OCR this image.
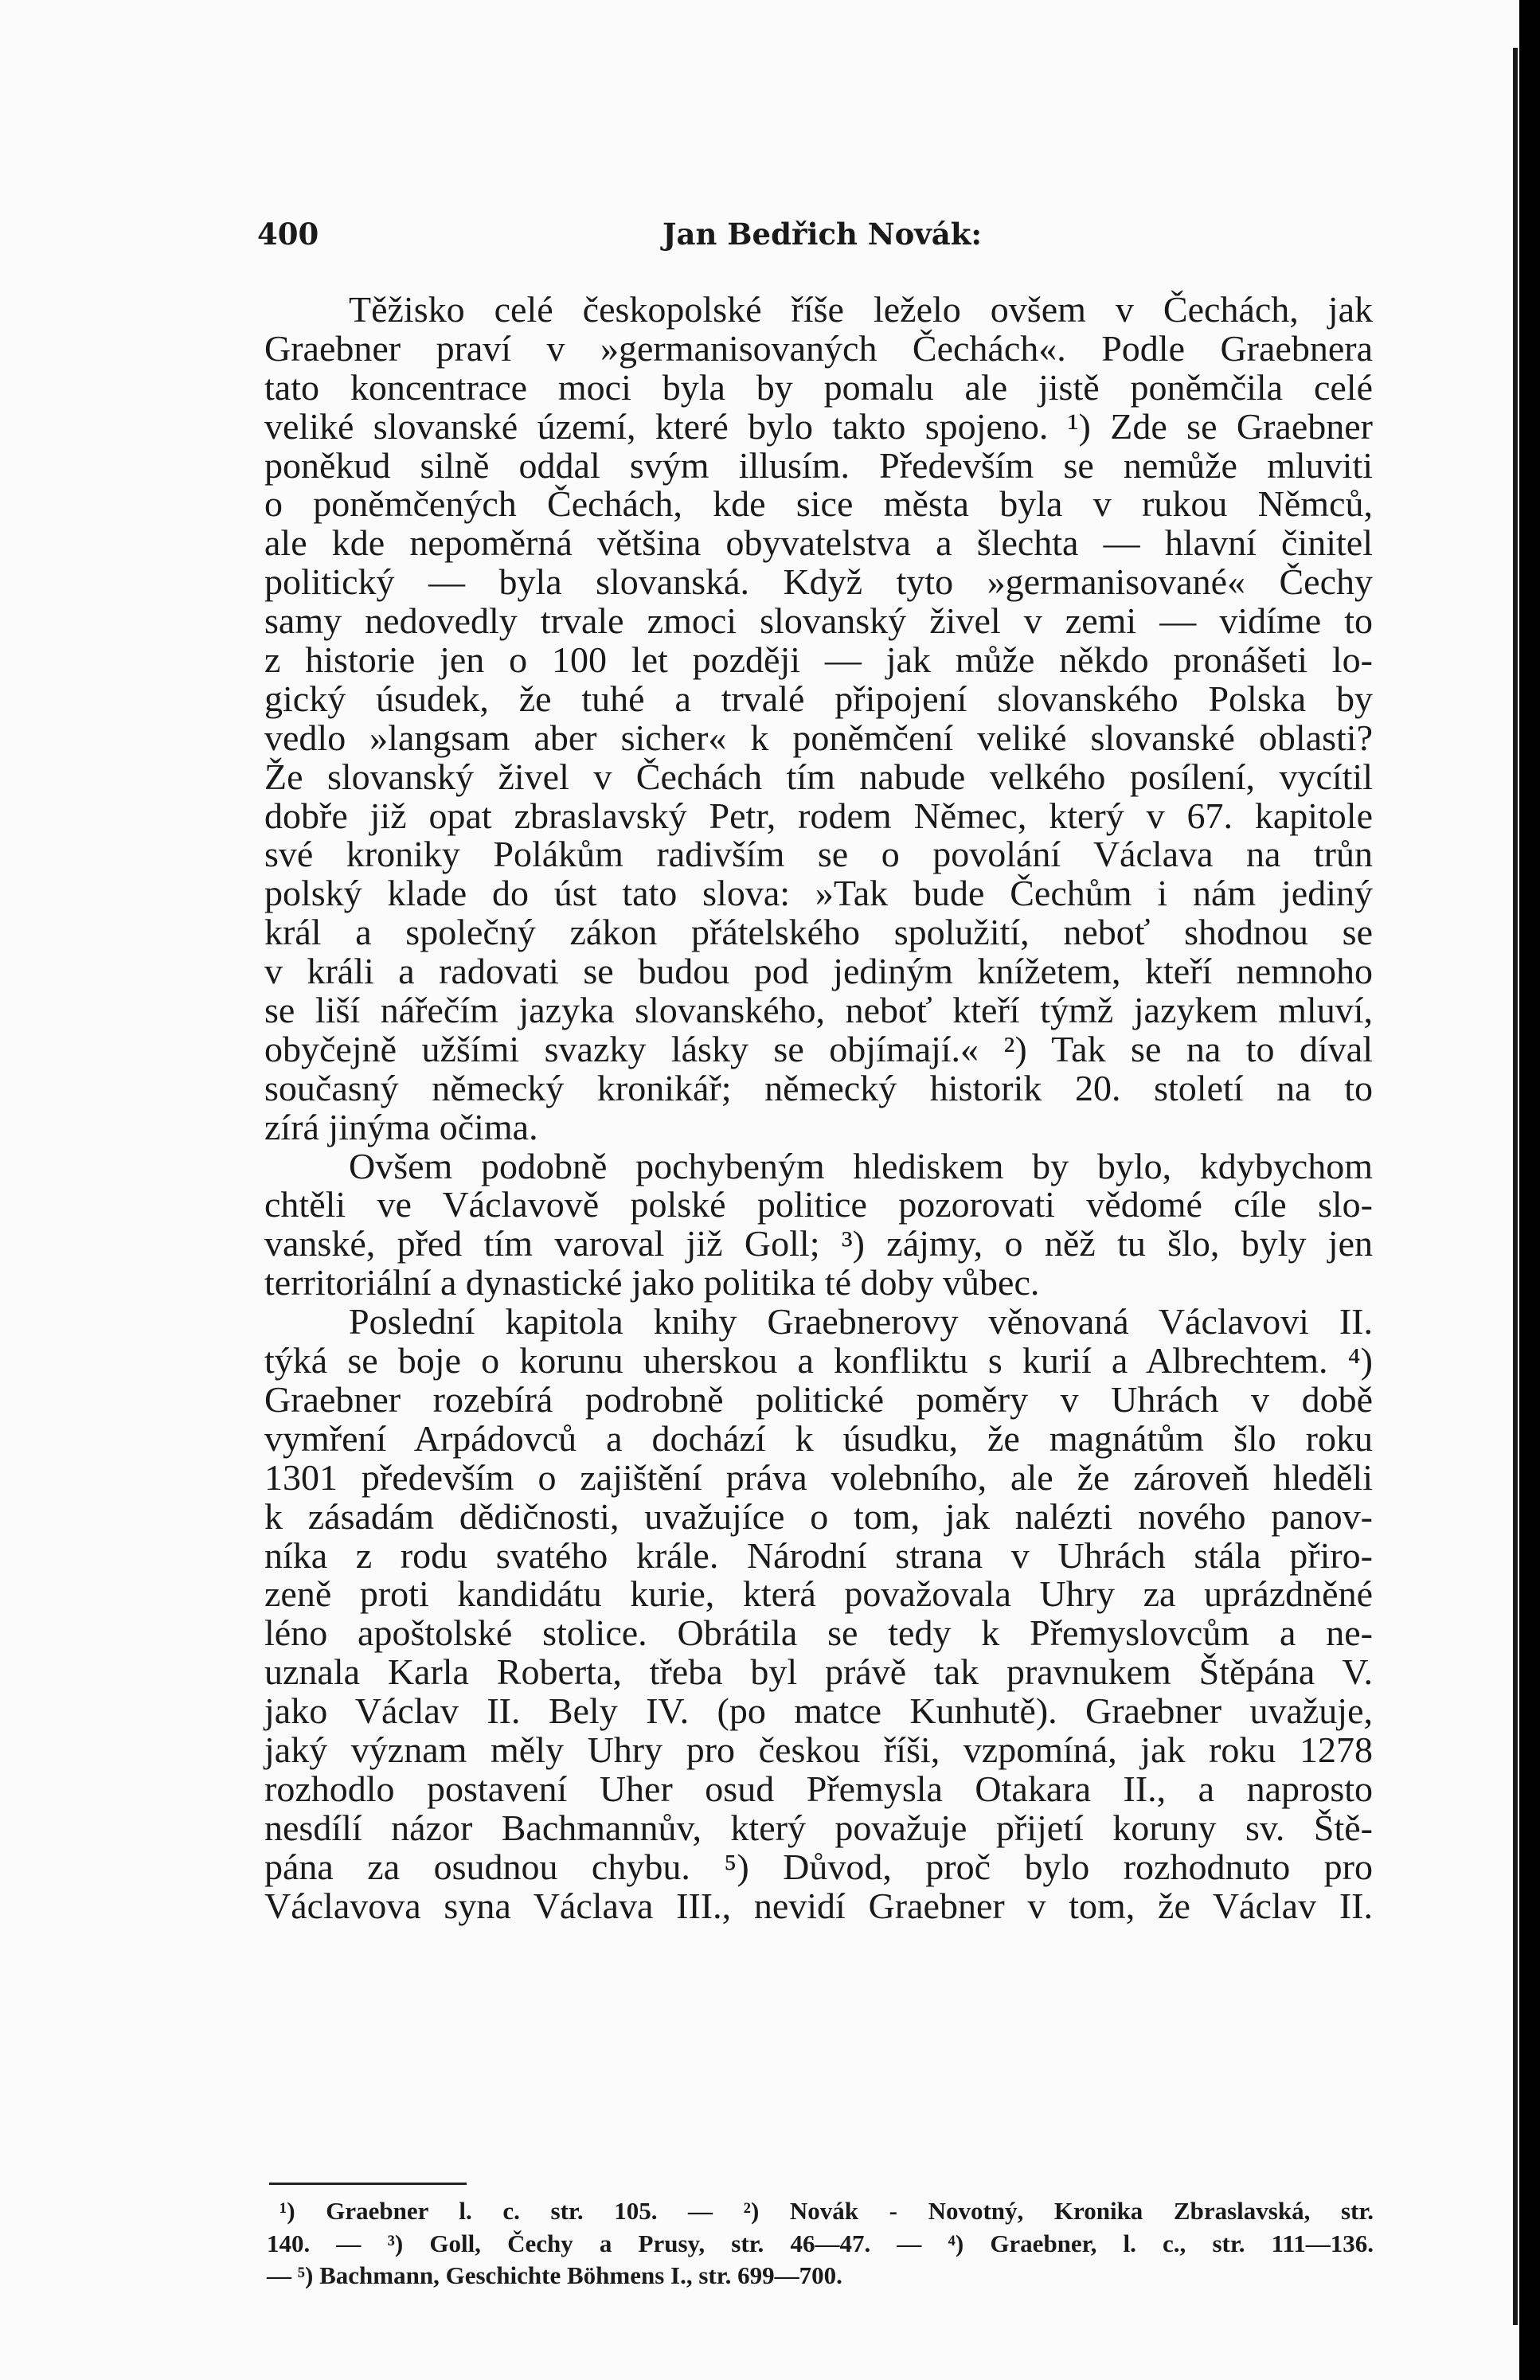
400	Jan Bedřich Novák:
Těžisko celé českopolské říše leželo ovšem v Čechách, jak
Graebner praví v »germanisovaných Čechách«. Podle Graebnera
tato koncentrace moci byla by pomalu ale jistě poněmčila celé
veliké slovanské území, které bylo takto spojeno. ¹) Zde se Graebner
poněkud silně oddal svým illusím. Především se nemůže mluviti
o poněmčených Čechách, kde sice města byla v rukou Němců,
ale kde nepoměrná většina obyvatelstva a šlechta — hlavní činitel
politický — byla slovanská. Když tyto »germanisované« Čechy
samy nedovedly trvale zmoci slovanský živel v zemi — vidíme to
z historie jen o 100 let později — jak může někdo pronášeti lo-
gický úsudek, že tuhé a trvalé připojení slovanského Polska by
vedlo »langsam aber sicher« k poněmčení veliké slovanské oblasti?
Že slovanský živel v Čechách tím nabude velkého posílení, vycítil
dobře již opat zbraslavský Petr, rodem Němec, který v 67. kapitole
své kroniky Polákům radivším se o povolání Václava na trůn
polský klade do úst tato slova: »Tak bude Čechům i nám jediný
král a společný zákon přátelského spolužití, neboť shodnou se
v králi a radovati se budou pod jediným knížetem, kteří nemnoho
se liší nářečím jazyka slovanského, neboť kteří týmž jazykem mluví,
obyčejně užšími svazky lásky se objímají.« ²) Tak se na to díval
současný německý kronikář; německý historik 20. století na to
zírá jinýma očima.
Ovšem podobně pochybeným hlediskem by bylo, kdybychom
chtěli ve Václavově polské politice pozorovati vědomé cíle slo-
vanské, před tím varoval již Goll; ³) zájmy, o něž tu šlo, byly jen
territoriální a dynastické jako politika té doby vůbec.
Poslední kapitola knihy Graebnerovy věnovaná Václavovi II.
týká se boje o korunu uherskou a konfliktu s kurií a Albrechtem. ⁴)
Graebner rozebírá podrobně politické poměry v Uhrách v době
vymření Arpádovců a dochází k úsudku, že magnátům šlo roku
1301 především o zajištění práva volebního, ale že zároveň hleděli
k zásadám dědičnosti, uvažujíce o tom, jak nalézti nového panov-
níka z rodu svatého krále. Národní strana v Uhrách stála přiro-
zeně proti kandidátu kurie, která považovala Uhry za uprázdněné
léno apoštolské stolice. Obrátila se tedy k Přemyslovcům a ne-
uznala Karla Roberta, třeba byl právě tak pravnukem Štěpána V.
jako Václav II. Bely IV. (po matce Kunhutě). Graebner uvažuje,
jaký význam měly Uhry pro českou říši, vzpomíná, jak roku 1278
rozhodlo postavení Uher osud Přemysla Otakara II., a naprosto
nesdílí názor Bachmannův, který považuje přijetí koruny sv. Ště-
pána za osudnou chybu. ⁵) Důvod, proč bylo rozhodnuto pro
Václavova syna Václava III., nevidí Graebner v tom, že Václav II.
¹) Graebner l. c. str. 105. — ²) Novák - Novotný, Kronika Zbraslavská, str.
140. — ³) Goll, Čechy a Prusy, str. 46—47. — ⁴) Graebner, l. c., str. 111—136.
— ⁵) Bachmann, Geschichte Böhmens I., str. 699—700.
